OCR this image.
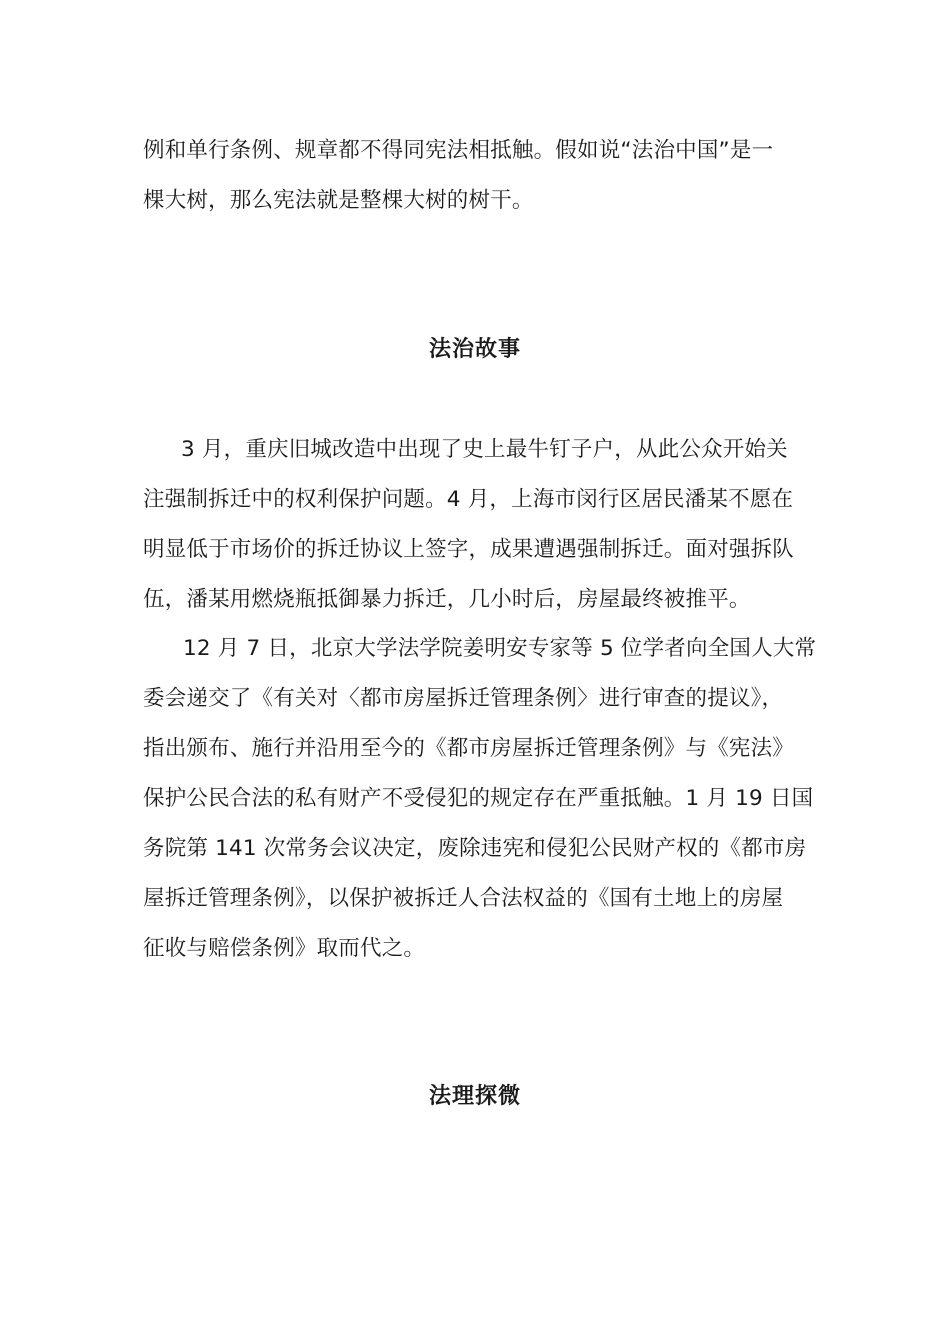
例和单行条例、规章都不得同宪法相抵触。假如说“法治中国”是一
棵大树，那么宪法就是整棵大树的树干。
法治故事
3 月，重庆旧城改造中出现了史上最牛钉子户，从此公众开始关
注强制拆迁中的权利保护问题。4 月，上海市闵行区居民潘某不愿在
明显低于市场价的拆迁协议上签字，成果遭遇强制拆迁。面对强拆队
伍，潘某用燃烧瓶抵御暴力拆迁，几小时后，房屋最终被推平。
12 月 7 日，北京大学法学院姜明安专家等 5 位学者向全国人大常
委会递交了《有关对〈都市房屋拆迁管理条例〉进行审查的提议》，
指出颁布、施行并沿用至今的《都市房屋拆迁管理条例》与《宪法》
保护公民合法的私有财产不受侵犯的规定存在严重抵触。1 月 19 日国
务院第 141 次常务会议决定，废除违宪和侵犯公民财产权的《都市房
屋拆迁管理条例》，以保护被拆迁人合法权益的《国有土地上的房屋
征收与赔偿条例》取而代之。
法理探微
